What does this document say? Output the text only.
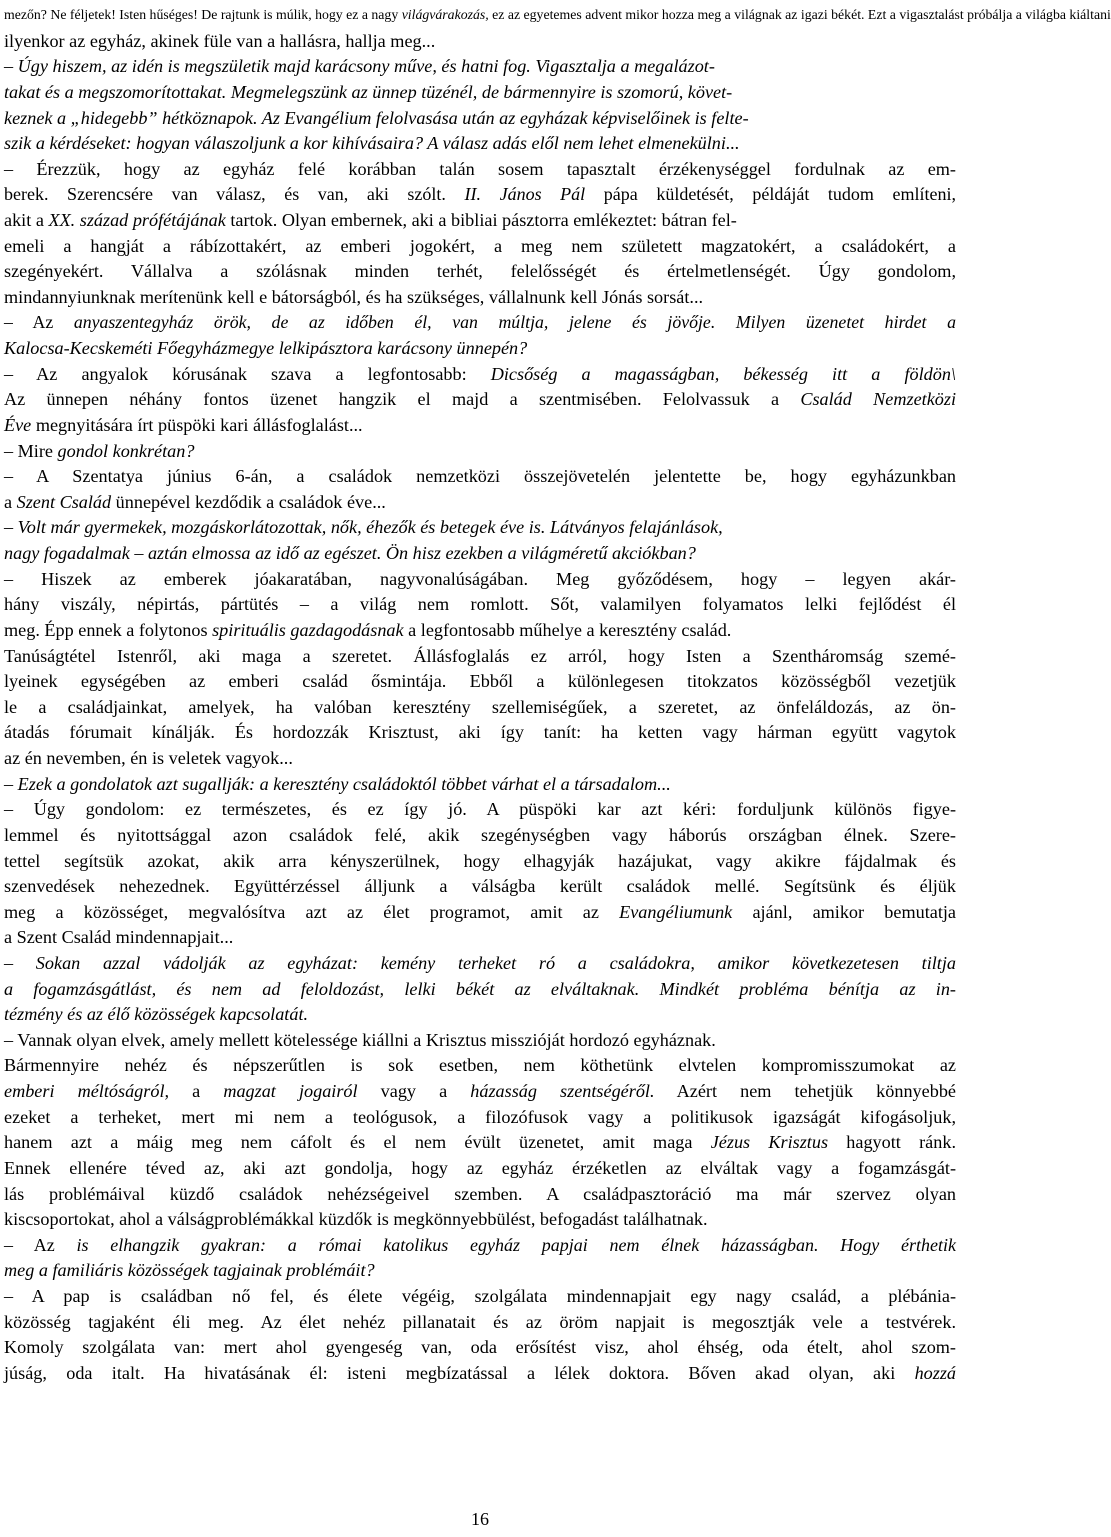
mezőn? Ne féljetek! Isten hűséges! De rajtunk is múlik, hogy ez a nagy világvárakozás, ez az egyetemes advent mikor hozza meg a világnak az igazi békét. Ezt a vigasztalást próbálja a világba kiáltani
ilyenkor az egyház, akinek füle van a hallásra, hallja meg...
– Úgy hiszem, az idén is megszületik majd karácsony műve, és hatni fog. Vigasztalja a megalázot-
takat és a megszomorítottakat. Megmelegszünk az ünnep tüzénél, de bármennyire is szomorú, követ-
keznek a „hidegebb” hétköznapok. Az Evangélium felolvasása után az egyházak képviselőinek is felte-
szik a kérdéseket: hogyan válaszoljunk a kor kihívásaira? A válasz adás elől nem lehet elmenekülni...
– Érezzük, hogy az egyház felé korábban talán sosem tapasztalt érzékenységgel fordulnak az em-
berek. Szerencsére van válasz, és van, aki szólt. II. János Pál pápa küldetését, példáját tudom említeni,
akit a XX. század prófétájának tartok. Olyan embernek, aki a bibliai pásztorra emlékeztet: bátran fel-
emeli a hangját a rábízottakért, az emberi jogokért, a meg nem született magzatokért, a családokért, a
szegényekért. Vállalva a szólásnak minden terhét, felelősségét és értelmetlenségét. Úgy gondolom,
mindannyiunknak merítenünk kell e bátorságból, és ha szükséges, vállalnunk kell Jónás sorsát...
– Az anyaszentegyház örök, de az időben él, van múltja, jelene és jövője. Milyen üzenetet hirdet a
Kalocsa-Kecskeméti Főegyházmegye lelkipásztora karácsony ünnepén?
– Az angyalok kórusának szava a legfontosabb: Dicsőség a magasságban, békesség itt a földön\
Az ünnepen néhány fontos üzenet hangzik el majd a szentmisében. Felolvassuk a Család Nemzetközi
Éve megnyitására írt püspöki kari állásfoglalást...
– Mire gondol konkrétan?
– A Szentatya június 6-án, a családok nemzetközi összejövetelén jelentette be, hogy egyházunkban
a Szent Család ünnepével kezdődik a családok éve...
– Volt már gyermekek, mozgáskorlátozottak, nők, éhezők és betegek éve is. Látványos felajánlások,
nagy fogadalmak – aztán elmossa az idő az egészet. Ön hisz ezekben a világméretű akciókban?
– Hiszek az emberek jóakaratában, nagyvonalúságában. Meg győződésem, hogy – legyen akár-
hány viszály, népirtás, pártütés – a világ nem romlott. Sőt, valamilyen folyamatos lelki fejlődést él
meg. Épp ennek a folytonos spirituális gazdagodásnak a legfontosabb műhelye a keresztény család.
Tanúságtétel Istenről, aki maga a szeretet. Állásfoglalás ez arról, hogy Isten a Szentháromság szemé-
lyeinek egységében az emberi család ősmintája. Ebből a különlegesen titokzatos közösségből vezetjük
le a családjainkat, amelyek, ha valóban keresztény szellemiségűek, a szeretet, az önfeláldozás, az ön-
átadás fórumait kínálják. És hordozzák Krisztust, aki így tanít: ha ketten vagy hárman együtt vagytok
az én nevemben, én is veletek vagyok...
– Ezek a gondolatok azt sugallják: a keresztény családoktól többet várhat el a társadalom...
– Úgy gondolom: ez természetes, és ez így jó. A püspöki kar azt kéri: forduljunk különös figye-
lemmel és nyitottsággal azon családok felé, akik szegénységben vagy háborús országban élnek. Szere-
tettel segítsük azokat, akik arra kényszerülnek, hogy elhagyják hazájukat, vagy akikre fájdalmak és
szenvedések nehezednek. Együttérzéssel álljunk a válságba került családok mellé. Segítsünk és éljük
meg a közösséget, megvalósítva azt az élet programot, amit az Evangéliumunk ajánl, amikor bemutatja
a Szent Család mindennapjait...
– Sokan azzal vádolják az egyházat: kemény terheket ró a családokra, amikor következetesen tiltja
a fogamzásgátlást, és nem ad feloldozást, lelki békét az elváltaknak. Mindkét probléma bénítja az in-
tézmény és az élő közösségek kapcsolatát.
– Vannak olyan elvek, amely mellett kötelessége kiállni a Krisztus misszióját hordozó egyháznak.
Bármennyire nehéz és népszerűtlen is sok esetben, nem köthetünk elvtelen kompromisszumokat az
emberi méltóságról, a magzat jogairól vagy a házasság szentségéről. Azért nem tehetjük könnyebbé
ezeket a terheket, mert mi nem a teológusok, a filozófusok vagy a politikusok igazságát kifogásoljuk,
hanem azt a máig meg nem cáfolt és el nem évült üzenetet, amit maga Jézus Krisztus hagyott ránk.
Ennek ellenére téved az, aki azt gondolja, hogy az egyház érzéketlen az elváltak vagy a fogamzásgát-
lás problémáival küzdő családok nehézségeivel szemben. A családpasztoráció ma már szervez olyan
kiscsoportokat, ahol a válságproblémákkal küzdők is megkönnyebbülést, befogadást találhatnak.
– Az is elhangzik gyakran: a római katolikus egyház papjai nem élnek házasságban. Hogy érthetik
meg a familiáris közösségek tagjainak problémáit?
– A pap is családban nő fel, és élete végéig, szolgálata mindennapjait egy nagy család, a plébánia-
közösség tagjaként éli meg. Az élet nehéz pillanatait és az öröm napjait is megosztják vele a testvérek.
Komoly szolgálata van: mert ahol gyengeség van, oda erősítést visz, ahol éhség, oda ételt, ahol szom-
júság, oda italt. Ha hivatásának él: isteni megbízatással a lélek doktora. Bőven akad olyan, aki hozzá
16
